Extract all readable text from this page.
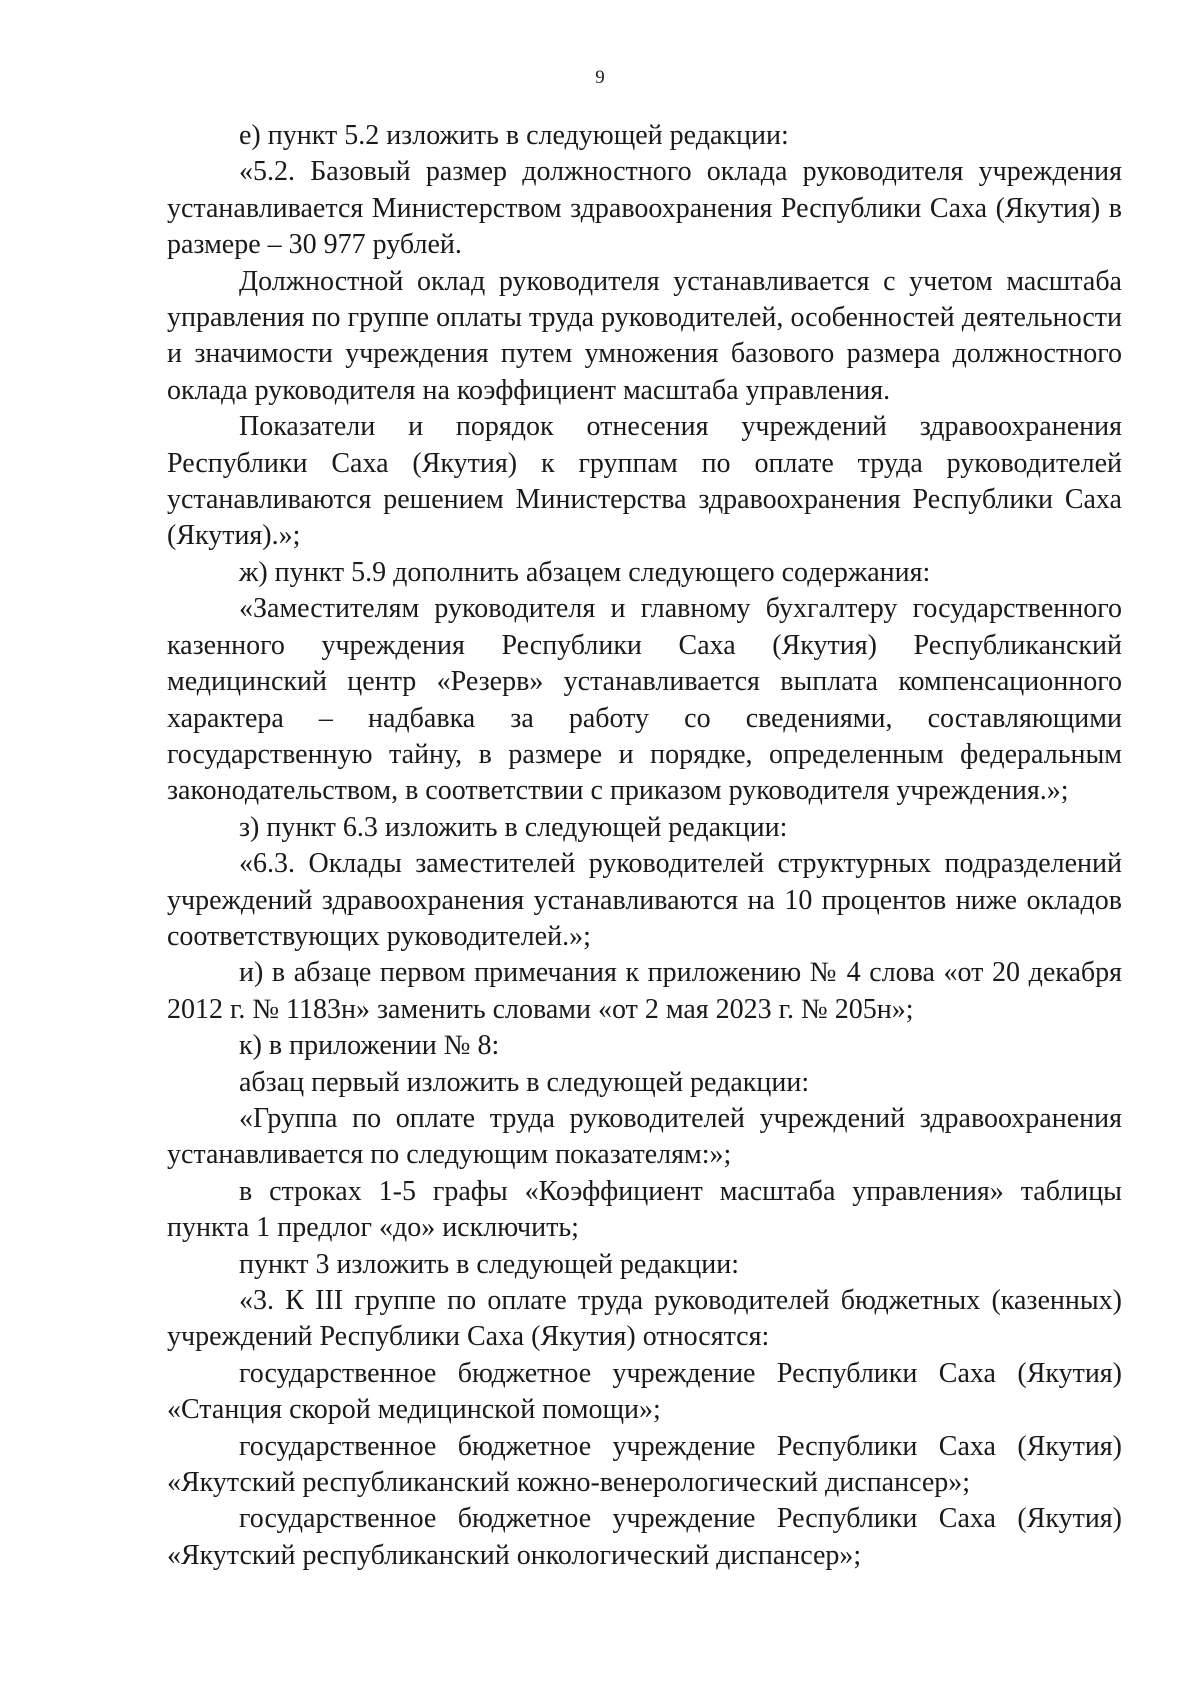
9

е) пункт 5.2 изложить в следующей редакции:

«5.2. Базовый размер должностного оклада руководителя учреждения устанавливается Министерством здравоохранения Республики Саха (Якутия) в размере – 30 977 рублей.

Должностной оклад руководителя устанавливается с учетом масштаба управления по группе оплаты труда руководителей, особенностей деятельности и значимости учреждения путем умножения базового размера должностного оклада руководителя на коэффициент масштаба управления.

Показатели и порядок отнесения учреждений здравоохранения Республики Саха (Якутия) к группам по оплате труда руководителей устанавливаются решением Министерства здравоохранения Республики Саха (Якутия).»;

ж) пункт 5.9 дополнить абзацем следующего содержания:

«Заместителям руководителя и главному бухгалтеру государственного казенного учреждения Республики Саха (Якутия) Республиканский медицинский центр «Резерв» устанавливается выплата компенсационного характера – надбавка за работу со сведениями, составляющими государственную тайну, в размере и порядке, определенным федеральным законодательством, в соответствии с приказом руководителя учреждения.»;

з) пункт 6.3 изложить в следующей редакции:

«6.3. Оклады заместителей руководителей структурных подразделений учреждений здравоохранения устанавливаются на 10 процентов ниже окладов соответствующих руководителей.»;

и) в абзаце первом примечания к приложению № 4 слова «от 20 декабря 2012 г. № 1183н» заменить словами «от 2 мая 2023 г. № 205н»;

к) в приложении № 8:

абзац первый изложить в следующей редакции:

«Группа по оплате труда руководителей учреждений здравоохранения устанавливается по следующим показателям:»;

в строках 1-5 графы «Коэффициент масштаба управления» таблицы пункта 1 предлог «до» исключить;

пункт 3 изложить в следующей редакции:

«3. К III группе по оплате труда руководителей бюджетных (казенных) учреждений Республики Саха (Якутия) относятся:

государственное бюджетное учреждение Республики Саха (Якутия) «Станция скорой медицинской помощи»;

государственное бюджетное учреждение Республики Саха (Якутия) «Якутский республиканский кожно-венерологический диспансер»;

государственное бюджетное учреждение Республики Саха (Якутия) «Якутский республиканский онкологический диспансер»;
